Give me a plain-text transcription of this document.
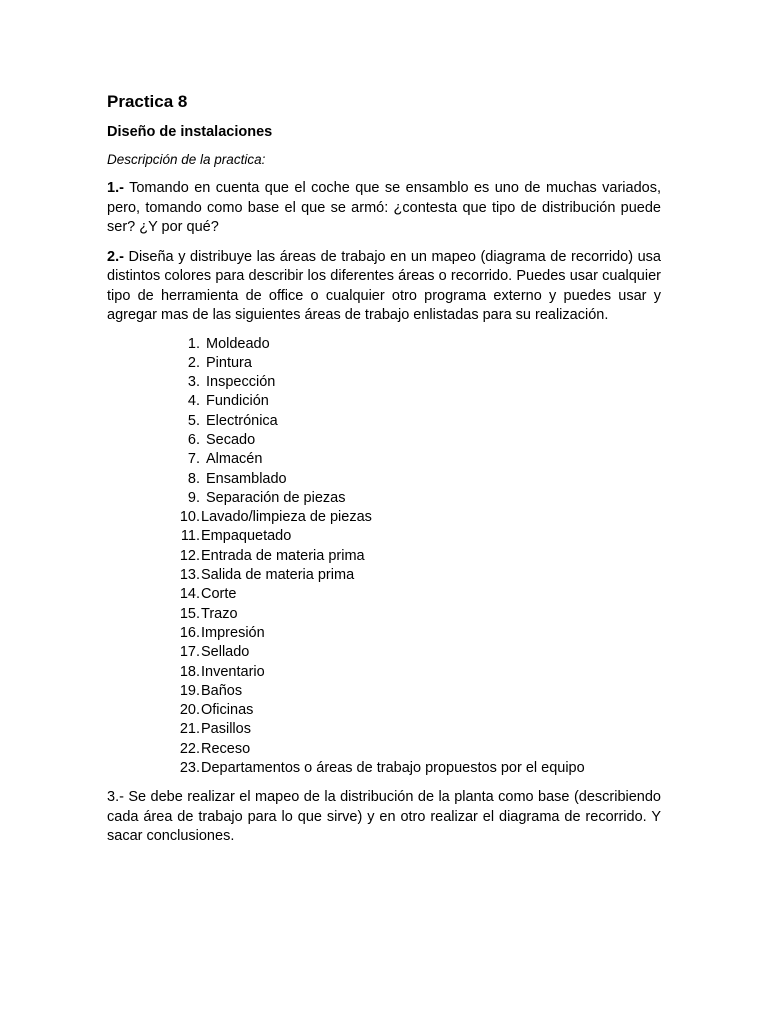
Practica 8
Diseño de instalaciones

Descripción de la practica:

1.- Tomando en cuenta que el coche que se ensamblo es uno de muchas variados, pero, tomando como base el que se armó: ¿contesta que tipo de distribución puede ser? ¿Y por qué?

2.- Diseña y distribuye las áreas de trabajo en un mapeo (diagrama de recorrido) usa distintos colores para describir los diferentes áreas o recorrido. Puedes usar cualquier tipo de herramienta de office o cualquier otro programa externo y puedes usar y agregar mas de las siguientes áreas de trabajo enlistadas para su realización.

1. Moldeado
2. Pintura
3. Inspección
4. Fundición
5. Electrónica
6. Secado
7. Almacén
8. Ensamblado
9. Separación de piezas
10. Lavado/limpieza de piezas
11. Empaquetado
12. Entrada de materia prima
13. Salida de materia prima
14. Corte
15. Trazo
16. Impresión
17. Sellado
18. Inventario
19. Baños
20. Oficinas
21. Pasillos
22. Receso
23. Departamentos o áreas de trabajo propuestos por el equipo

3.- Se debe realizar el mapeo de la distribución de la planta como base (describiendo cada área de trabajo para lo que sirve) y en otro realizar el diagrama de recorrido. Y sacar conclusiones.
